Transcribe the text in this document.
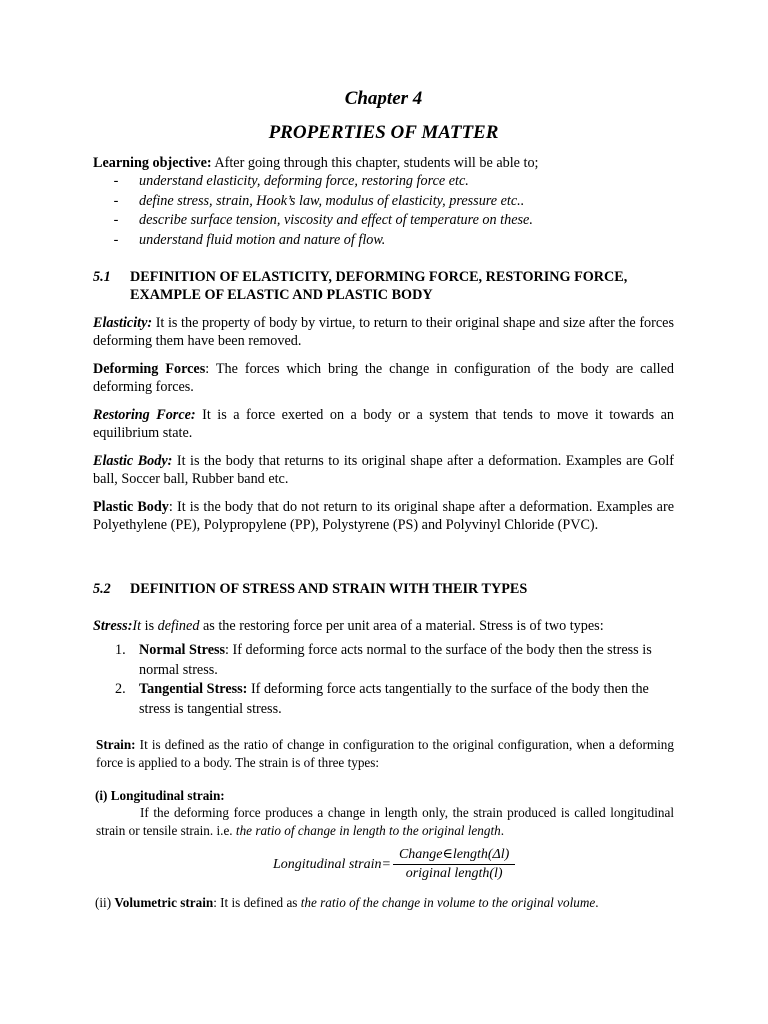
Chapter 4
PROPERTIES OF MATTER
Learning objective: After going through this chapter, students will be able to;
-	understand elasticity, deforming force, restoring force etc.
-	define stress, strain, Hook’s law, modulus of elasticity, pressure etc..
-	describe surface tension, viscosity and effect of temperature on these.
-	understand fluid motion and nature of flow.
5.1 DEFINITION OF ELASTICITY, DEFORMING FORCE, RESTORING FORCE, EXAMPLE OF ELASTIC AND PLASTIC BODY
Elasticity: It is the property of body by virtue, to return to their original shape and size after the forces deforming them have been removed.
Deforming Forces: The forces which bring the change in configuration of the body are called deforming forces.
Restoring Force: It is a force exerted on a body or a system that tends to move it towards an equilibrium state.
Elastic Body: It is the body that returns to its original shape after a deformation. Examples are Golf ball, Soccer ball, Rubber band etc.
Plastic Body: It is the body that do not return to its original shape after a deformation. Examples are Polyethylene (PE), Polypropylene (PP), Polystyrene (PS) and Polyvinyl Chloride (PVC).
5.2 DEFINITION OF STRESS AND STRAIN WITH THEIR TYPES
Stress:It is defined as the restoring force per unit area of a material. Stress is of two types:
1. Normal Stress: If deforming force acts normal to the surface of the body then the stress is normal stress.
2. Tangential Stress: If deforming force acts tangentially to the surface of the body then the stress is tangential stress.
Strain: It is defined as the ratio of change in configuration to the original configuration, when a deforming force is applied to a body. The strain is of three types:
(i) Longitudinal strain:
If the deforming force produces a change in length only, the strain produced is called longitudinal strain or tensile strain. i.e. the ratio of change in length to the original length.
Longitudinal strain= $\frac{\text{Change∈length(Δl)}}{\text{original length(l)}}$
(ii) Volumetric strain: It is defined as the ratio of the change in volume to the original volume.
